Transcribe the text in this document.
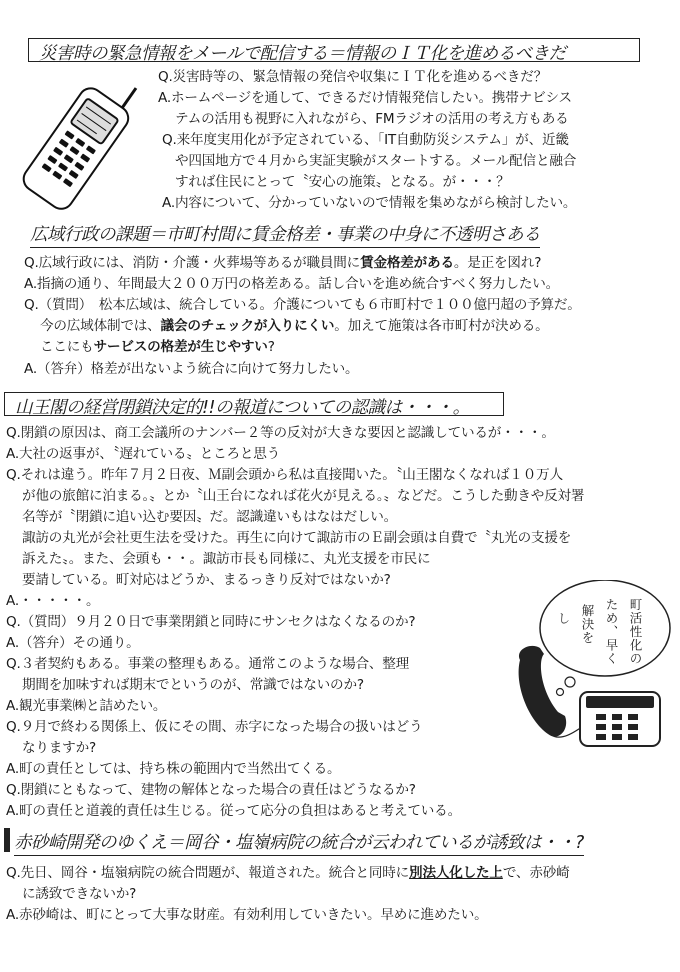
災害時の緊急情報をメールで配信する＝情報のＩＴ化を進めるべきだ
Q.災害時等の、緊急情報の発信や収集にＩＴ化を進めるべきだ？
A.ホームページを通して、できるだけ情報発信したい。携帯ナビシス
テムの活用も視野に入れながら、FMラジオの活用の考え方もある
Q.来年度実用化が予定されている、「IT自動防災システム」が、近畿
や四国地方で４月から実証実験がスタートする。メール配信と融合
すれば住民にとって〝安心の施策〟となる。が・・・？
A.内容について、分かっていないので情報を集めながら検討したい。
広域行政の課題＝市町村間に賃金格差・事業の中身に不透明さある
Q.広域行政には、消防・介護・火葬場等あるが職員間に賃金格差がある。是正を図れ?
A.指摘の通り、年間最大２００万円の格差ある。話し合いを進め統合すべく努力したい。
Q.（質問）　松本広域は、統合している。介護についても６市町村で１００億円超の予算だ。
今の広域体制では、議会のチェックが入りにくい。加えて施策は各市町村が決める。
ここにもサービスの格差が生じやすい?
A.（答弁）格差が出ないよう統合に向けて努力したい。
山王閣の経営閉鎖決定的!!の報道についての認識は・・・。
Q.閉鎖の原因は、商工会議所のナンバー２等の反対が大きな要因と認識しているが・・・。
A.大社の返事が、〝遅れている〟ところと思う
Q.それは違う。昨年７月２日夜、Ｍ副会頭から私は直接聞いた。〝山王閣なくなれば１０万人
が他の旅館に泊まる。〟とか〝山王台になれば花火が見える。〟などだ。こうした動きや反対署
名等が〝閉鎖に追い込む要因〟だ。認識違いもはなはだしい。
諏訪の丸光が会社更生法を受けた。再生に向けて諏訪市のＥ副会頭は自費で〝丸光の支援を
訴えた〟。また、会頭も・・。諏訪市長も同様に、丸光支援を市民に
要請している。町対応はどうか、まるっきり反対ではないか?
A.・・・・・。
Q.（質問）９月２０日で事業閉鎖と同時にサンセクはなくなるのか?
A.（答弁）その通り。
Q.３者契約もある。事業の整理もある。通常このような場合、整理
期間を加味すれば期末でというのが、常識ではないのか?
A.観光事業㈱と詰めたい。
Q.９月で終わる関係上、仮にその間、赤字になった場合の扱いはどう
なりますか?
A.町の責任としては、持ち株の範囲内で当然出てくる。
Q.閉鎖にともなって、建物の解体となった場合の責任はどうなるか?
A.町の責任と道義的責任は生じる。従って応分の負担はあると考えている。
町活性化の
ため、早く
解決を
し
赤砂崎開発のゆくえ＝岡谷・塩嶺病院の統合が云われているが誘致は・・?
Q.先日、岡谷・塩嶺病院の統合問題が、報道された。統合と同時に別法人化した上で、赤砂崎
に誘致できないか?
A.赤砂崎は、町にとって大事な財産。有効利用していきたい。早めに進めたい。
